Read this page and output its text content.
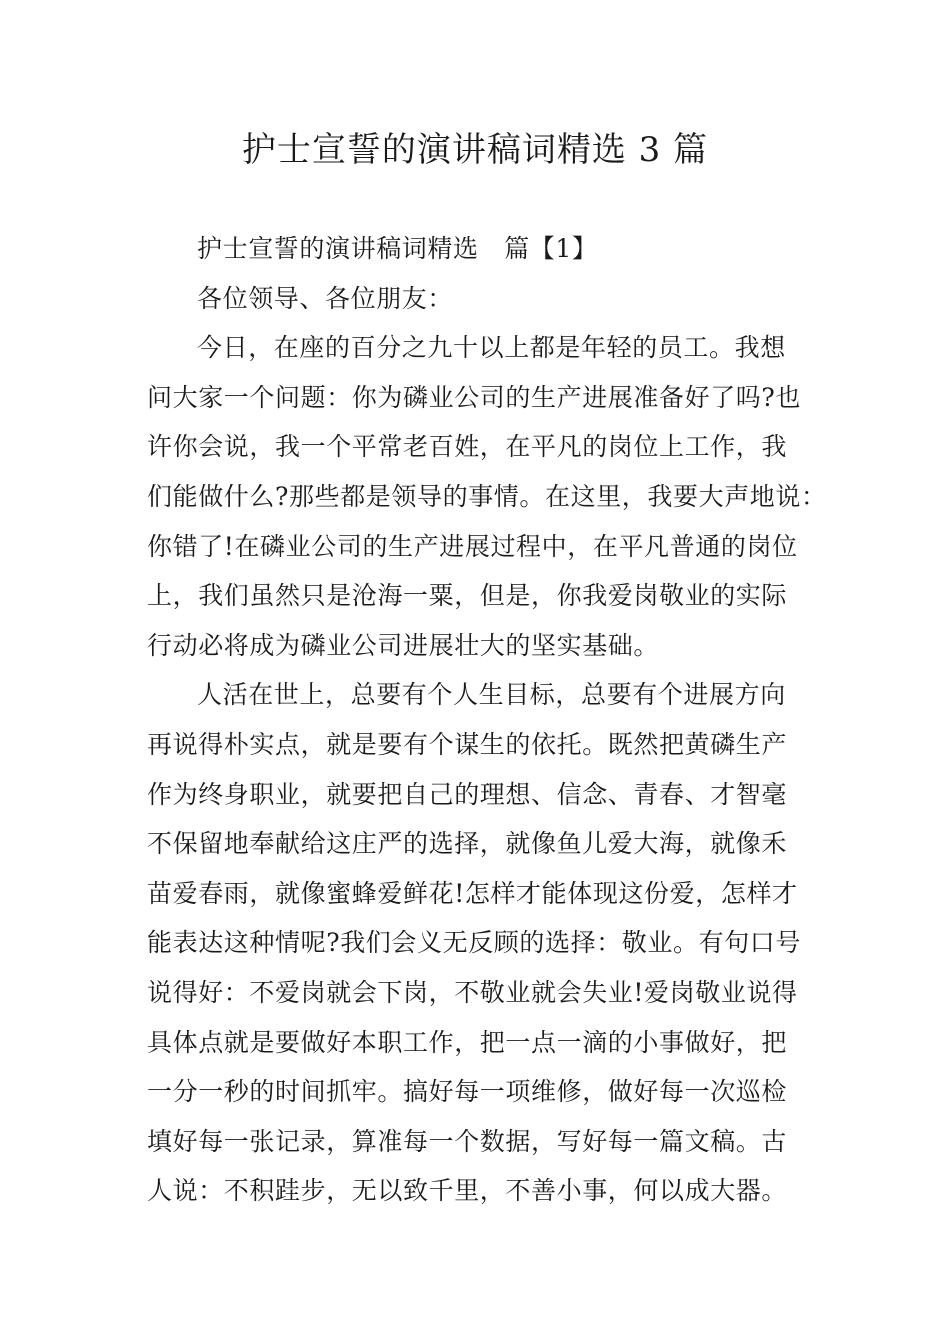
护士宣誓的演讲稿词精选 3 篇
护士宣誓的演讲稿词精选　篇【1】
各位领导、各位朋友：
今日，在座的百分之九十以上都是年轻的员工。我想
问大家一个问题：你为磷业公司的生产进展准备好了吗?也
许你会说，我一个平常老百姓，在平凡的岗位上工作，我
们能做什么?那些都是领导的事情。在这里，我要大声地说：
你错了!在磷业公司的生产进展过程中，在平凡普通的岗位
上，我们虽然只是沧海一粟，但是，你我爱岗敬业的实际
行动必将成为磷业公司进展壮大的坚实基础。
人活在世上，总要有个人生目标，总要有个进展方向
再说得朴实点，就是要有个谋生的依托。既然把黄磷生产
作为终身职业，就要把自己的理想、信念、青春、才智毫
不保留地奉献给这庄严的选择，就像鱼儿爱大海，就像禾
苗爱春雨，就像蜜蜂爱鲜花!怎样才能体现这份爱，怎样才
能表达这种情呢?我们会义无反顾的选择：敬业。有句口号
说得好：不爱岗就会下岗，不敬业就会失业!爱岗敬业说得
具体点就是要做好本职工作，把一点一滴的小事做好，把
一分一秒的时间抓牢。搞好每一项维修，做好每一次巡检
填好每一张记录，算准每一个数据，写好每一篇文稿。古
人说：不积跬步，无以致千里，不善小事，何以成大器。
